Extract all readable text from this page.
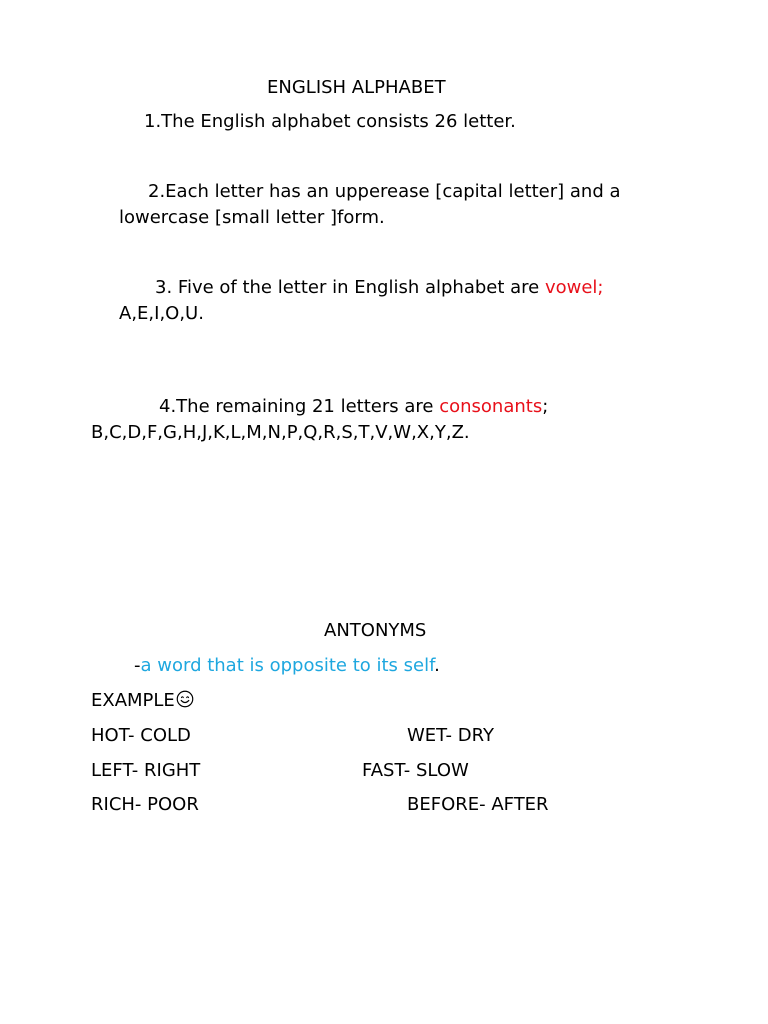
ENGLISH ALPHABET
1.The English alphabet consists 26 letter.
2.Each letter has an upperease [capital letter] and a
lowercase [small letter ]form.
3. Five of the letter in English alphabet are vowel;
A,E,I,O,U.
4.The remaining 21 letters are consonants;
B,C,D,F,G,H,J,K,L,M,N,P,Q,R,S,T,V,W,X,Y,Z.
ANTONYMS
-a word that is opposite to its self.
EXAMPLE
HOT- COLD	WET- DRY
LEFT- RIGHT	FAST- SLOW
RICH- POOR	BEFORE- AFTER
